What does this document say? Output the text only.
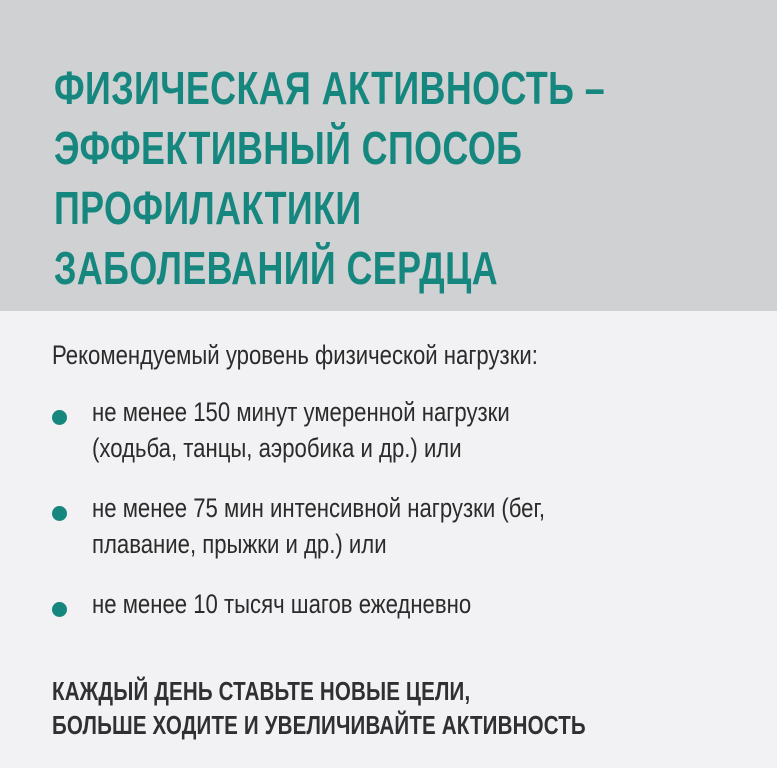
ФИЗИЧЕСКАЯ АКТИВНОСТЬ –
ЭФФЕКТИВНЫЙ СПОСОБ
ПРОФИЛАКТИКИ
ЗАБОЛЕВАНИЙ СЕРДЦА

Рекомендуемый уровень физической нагрузки:

не менее 150 минут умеренной нагрузки
(ходьба, танцы, аэробика и др.) или
не менее 75 мин интенсивной нагрузки (бег,
плавание, прыжки и др.) или
не менее 10 тысяч шагов ежедневно

КАЖДЫЙ ДЕНЬ СТАВЬТЕ НОВЫЕ ЦЕЛИ,
БОЛЬШЕ ХОДИТЕ И УВЕЛИЧИВАЙТЕ АКТИВНОСТЬ
